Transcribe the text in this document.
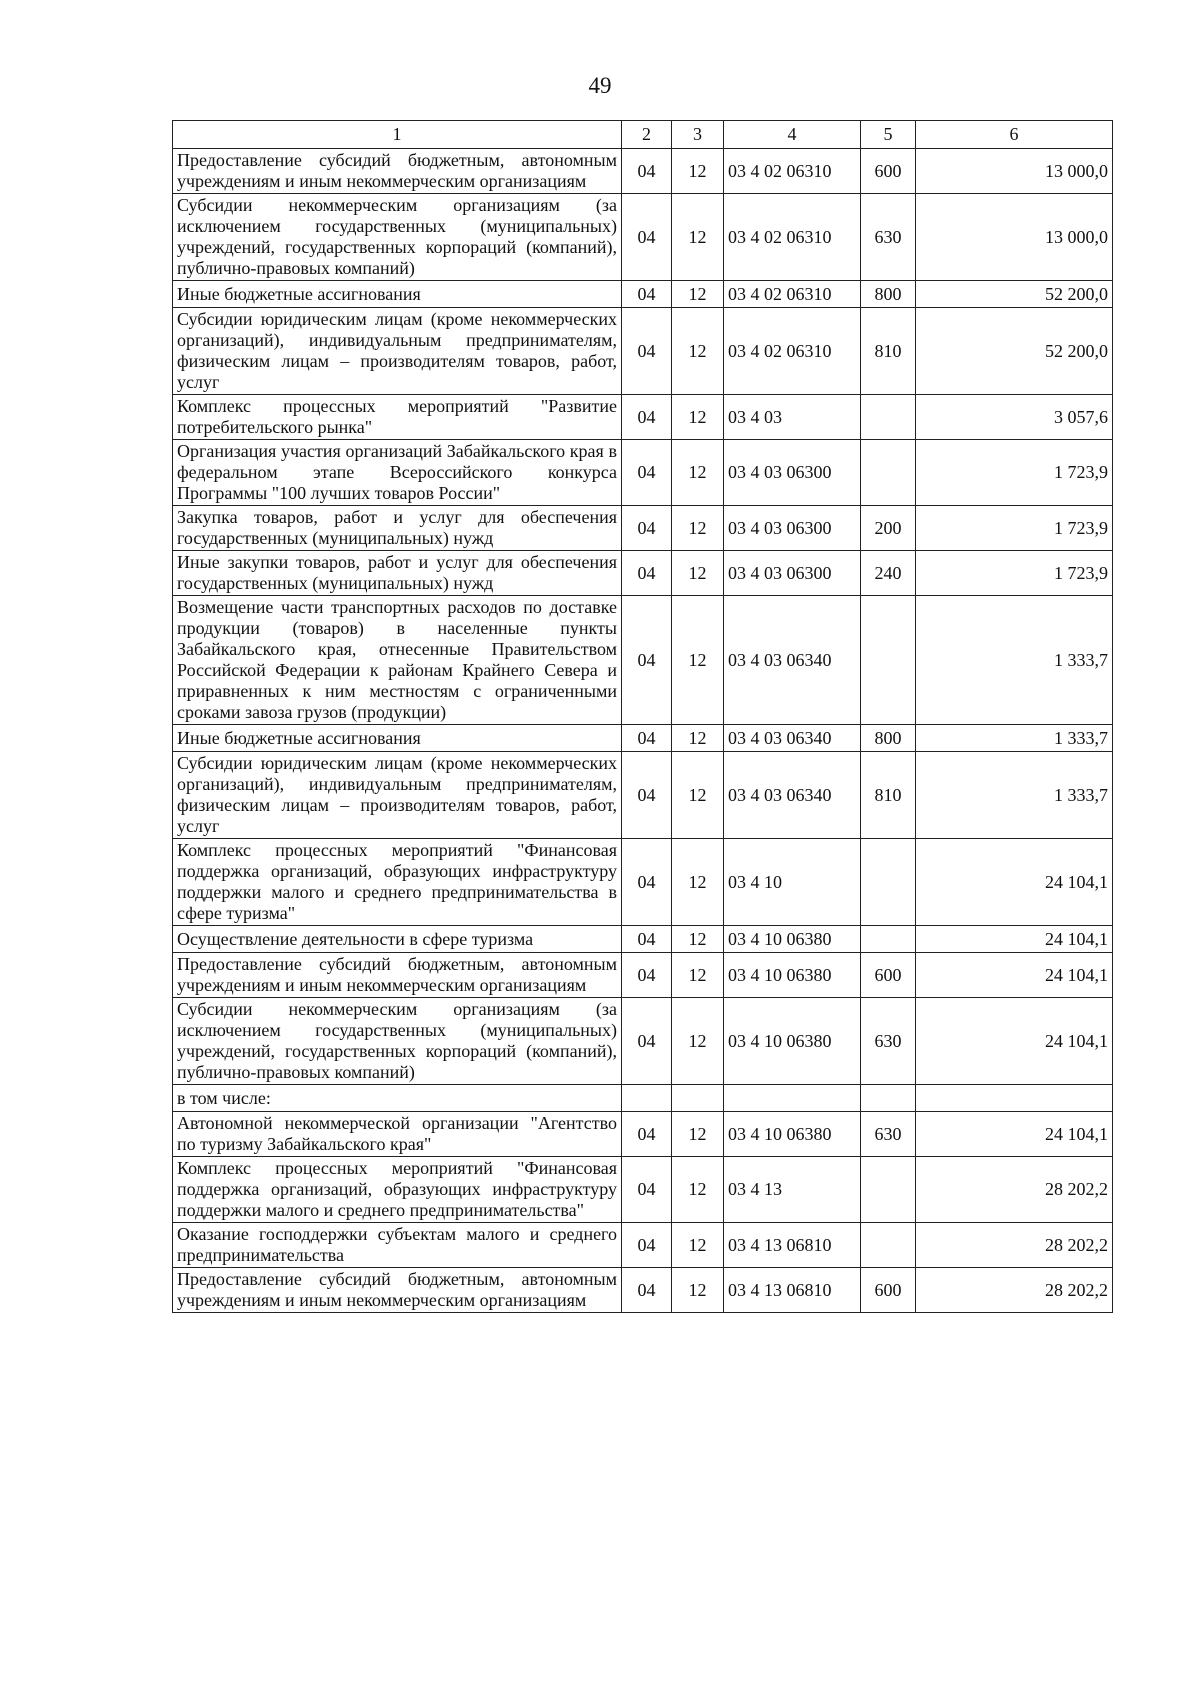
49
1	2	3	4	5	6
Предоставление субсидий бюджетным, автономным учреждениям и иным некоммерческим организациям	04	12	03 4 02 06310	600	13 000,0
Субсидии некоммерческим организациям (за исключением государственных (муниципальных) учреждений, государственных корпораций (компаний), публично-правовых компаний)	04	12	03 4 02 06310	630	13 000,0
Иные бюджетные ассигнования	04	12	03 4 02 06310	800	52 200,0
Субсидии юридическим лицам (кроме некоммерческих организаций), индивидуальным предпринимателям, физическим лицам – производителям товаров, работ, услуг	04	12	03 4 02 06310	810	52 200,0
Комплекс процессных мероприятий "Развитие потребительского рынка"	04	12	03 4 03		3 057,6
Организация участия организаций Забайкальского края в федеральном этапе Всероссийского конкурса Программы "100 лучших товаров России"	04	12	03 4 03 06300		1 723,9
Закупка товаров, работ и услуг для обеспечения государственных (муниципальных) нужд	04	12	03 4 03 06300	200	1 723,9
Иные закупки товаров, работ и услуг для обеспечения государственных (муниципальных) нужд	04	12	03 4 03 06300	240	1 723,9
Возмещение части транспортных расходов по доставке продукции (товаров) в населенные пункты Забайкальского края, отнесенные Правительством Российской Федерации к районам Крайнего Севера и приравненных к ним местностям с ограниченными сроками завоза грузов (продукции)	04	12	03 4 03 06340		1 333,7
Иные бюджетные ассигнования	04	12	03 4 03 06340	800	1 333,7
Субсидии юридическим лицам (кроме некоммерческих организаций), индивидуальным предпринимателям, физическим лицам – производителям товаров, работ, услуг	04	12	03 4 03 06340	810	1 333,7
Комплекс процессных мероприятий "Финансовая поддержка организаций, образующих инфраструктуру поддержки малого и среднего предпринимательства в сфере туризма"	04	12	03 4 10		24 104,1
Осуществление деятельности в сфере туризма	04	12	03 4 10 06380		24 104,1
Предоставление субсидий бюджетным, автономным учреждениям и иным некоммерческим организациям	04	12	03 4 10 06380	600	24 104,1
Субсидии некоммерческим организациям (за исключением государственных (муниципальных) учреждений, государственных корпораций (компаний), публично-правовых компаний)	04	12	03 4 10 06380	630	24 104,1
в том числе:					
Автономной некоммерческой организации "Агентство по туризму Забайкальского края"	04	12	03 4 10 06380	630	24 104,1
Комплекс процессных мероприятий "Финансовая поддержка организаций, образующих инфраструктуру поддержки малого и среднего предпринимательства"	04	12	03 4 13		28 202,2
Оказание господдержки субъектам малого и среднего предпринимательства	04	12	03 4 13 06810		28 202,2
Предоставление субсидий бюджетным, автономным учреждениям и иным некоммерческим организациям	04	12	03 4 13 06810	600	28 202,2
